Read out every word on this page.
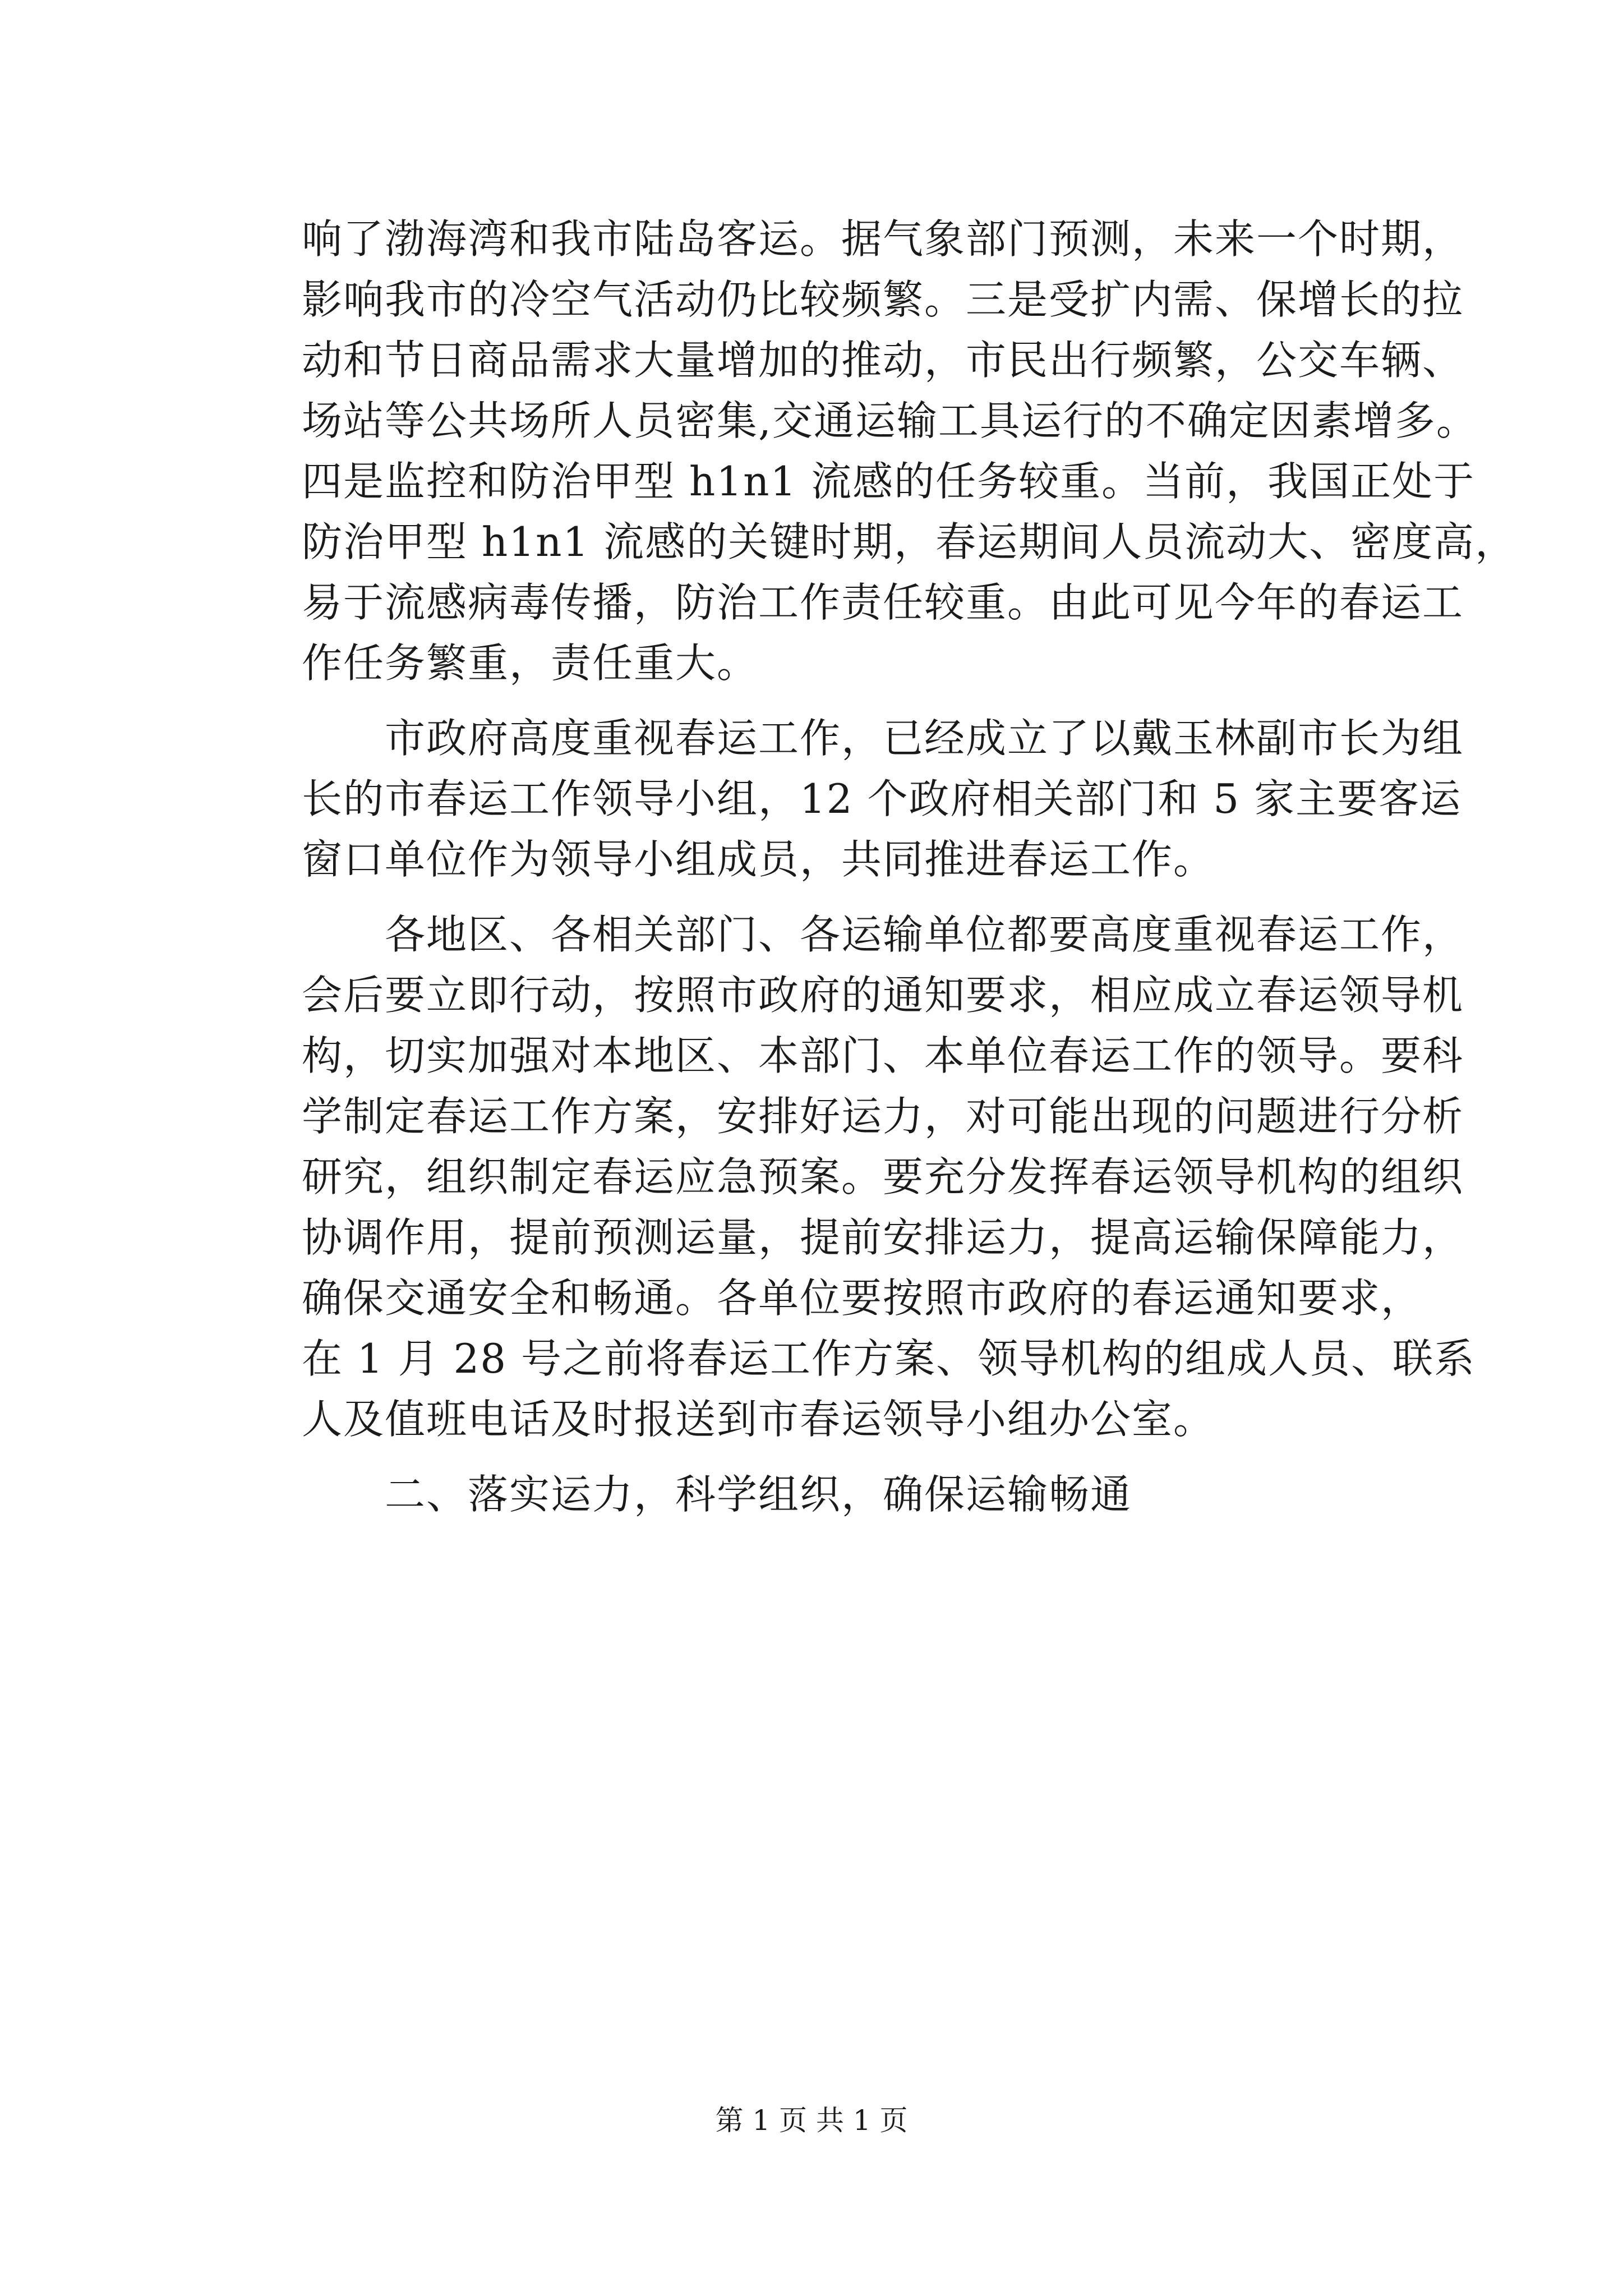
响了渤海湾和我市陆岛客运。据气象部门预测，未来一个时期，
影响我市的冷空气活动仍比较频繁。三是受扩内需、保增长的拉
动和节日商品需求大量增加的推动，市民出行频繁，公交车辆、
场站等公共场所人员密集,交通运输工具运行的不确定因素增多。
四是监控和防治甲型 h1n1 流感的任务较重。当前，我国正处于
防治甲型 h1n1 流感的关键时期，春运期间人员流动大、密度高，
易于流感病毒传播，防治工作责任较重。由此可见今年的春运工
作任务繁重，责任重大。
　　市政府高度重视春运工作，已经成立了以戴玉林副市长为组
长的市春运工作领导小组，12 个政府相关部门和 5 家主要客运
窗口单位作为领导小组成员，共同推进春运工作。
　　各地区、各相关部门、各运输单位都要高度重视春运工作，
会后要立即行动，按照市政府的通知要求，相应成立春运领导机
构，切实加强对本地区、本部门、本单位春运工作的领导。要科
学制定春运工作方案，安排好运力，对可能出现的问题进行分析
研究，组织制定春运应急预案。要充分发挥春运领导机构的组织
协调作用，提前预测运量，提前安排运力，提高运输保障能力，
确保交通安全和畅通。各单位要按照市政府的春运通知要求，
在 1 月 28 号之前将春运工作方案、领导机构的组成人员、联系
人及值班电话及时报送到市春运领导小组办公室。
　　二、落实运力，科学组织，确保运输畅通
第 1 页 共 1 页
